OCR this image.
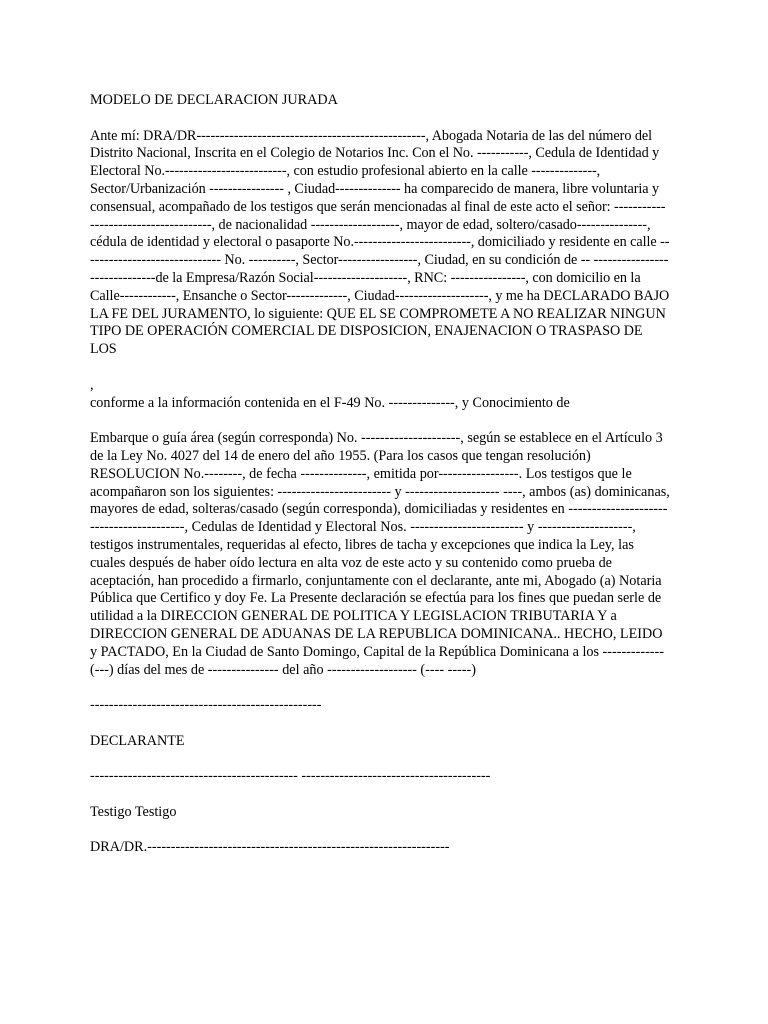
MODELO DE DECLARACION JURADA

Ante mí: DRA/DR-------------------------------------------------, Abogada Notaria de las del número del Distrito Nacional, Inscrita en el Colegio de Notarios Inc. Con el No. -----------, Cedula de Identidad y Electoral No.--------------------------, con estudio profesional abierto en la calle --------------, Sector/Urbanización ---------------- , Ciudad-------------- ha comparecido de manera, libre voluntaria y consensual, acompañado de los testigos que serán mencionadas al final de este acto el señor: -------------------------------------, de nacionalidad -------------------, mayor de edad, soltero/casado---------------, cédula de identidad y electoral o pasaporte No.-------------------------, domiciliado y residente en calle ------------------------------ No. ----------, Sector-----------------, Ciudad, en su condición de -- ------------------------------de la Empresa/Razón Social--------------------, RNC: ----------------, con domicilio en la Calle------------, Ensanche o Sector-------------, Ciudad--------------------, y me ha DECLARADO BAJO LA FE DEL JURAMENTO, lo siguiente: QUE EL SE COMPROMETE A NO REALIZAR NINGUN TIPO DE OPERACIÓN COMERCIAL DE DISPOSICION, ENAJENACION O TRASPASO DE LOS

,

conforme a la información contenida en el F-49 No. --------------, y Conocimiento de

Embarque o guía área (según corresponda) No. ---------------------, según se establece en el Artículo 3 de la Ley No. 4027 del 14 de enero del año 1955. (Para los casos que tengan resolución) RESOLUCION No.--------, de fecha --------------, emitida por-----------------. Los testigos que le acompañaron son los siguientes: ------------------------ y -------------------- ----, ambos (as) dominicanas, mayores de edad, solteras/casado (según corresponda), domiciliadas y residentes en -----------------------------------------, Cedulas de Identidad y Electoral Nos. ------------------------ y --------------------, testigos instrumentales, requeridas al efecto, libres de tacha y excepciones que indica la Ley, las cuales después de haber oído lectura en alta voz de este acto y su contenido como prueba de aceptación, han procedido a firmarlo, conjuntamente con el declarante, ante mi, Abogado (a) Notaria Pública que Certifico y doy Fe. La Presente declaración se efectúa para los fines que puedan serle de utilidad a la DIRECCION GENERAL DE POLITICA Y LEGISLACION TRIBUTARIA Y a DIRECCION GENERAL DE ADUANAS DE LA REPUBLICA DOMINICANA.. HECHO, LEIDO y PACTADO, En la Ciudad de Santo Domingo, Capital de la República Dominicana a los ------------- (---) días del mes de --------------- del año ------------------- (---- -----)

-------------------------------------------------

DECLARANTE

-------------------------------------------- ----------------------------------------

Testigo Testigo

DRA/DR.----------------------------------------------------------------
